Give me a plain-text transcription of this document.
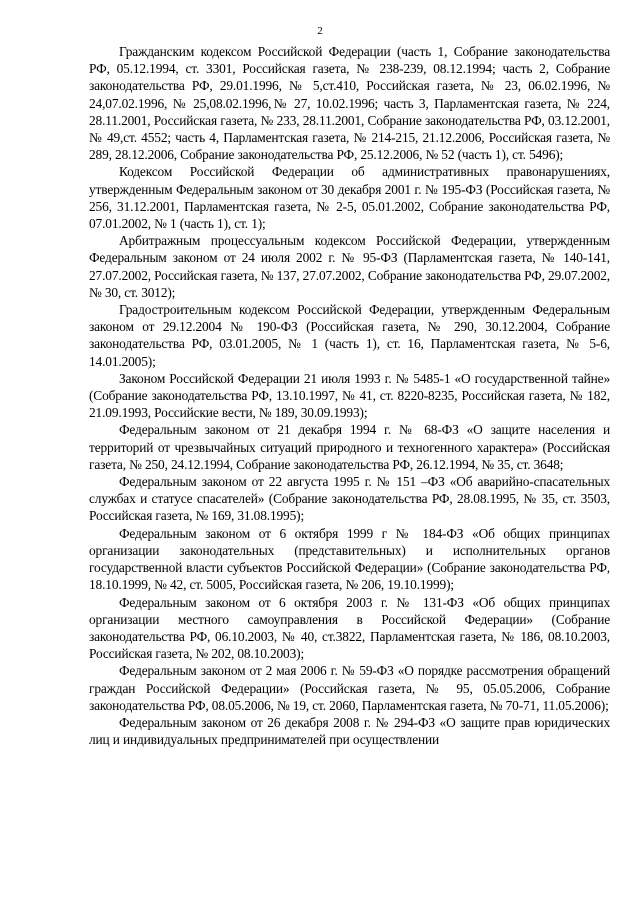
2

Гражданским кодексом Российской Федерации (часть 1, Собрание законодательства РФ, 05.12.1994, ст. 3301, Российская газета, № 238-239, 08.12.1994; часть 2, Собрание законодательства РФ, 29.01.1996, № 5,ст.410, Российская газета, № 23, 06.02.1996, № 24,07.02.1996, № 25,08.02.1996,№ 27, 10.02.1996; часть 3, Парламентская газета, № 224, 28.11.2001, Российская газета, № 233, 28.11.2001, Собрание законодательства РФ, 03.12.2001, № 49,ст. 4552; часть 4, Парламентская газета, № 214-215, 21.12.2006, Российская газета, № 289, 28.12.2006, Собрание законодательства РФ, 25.12.2006, № 52 (часть 1), ст. 5496);

Кодексом Российской Федерации об административных правонарушениях, утвержденным Федеральным законом от 30 декабря 2001 г. № 195-ФЗ (Российская газета, № 256, 31.12.2001, Парламентская газета, № 2-5, 05.01.2002, Собрание законодательства РФ, 07.01.2002, № 1 (часть 1), ст. 1);

Арбитражным процессуальным кодексом Российской Федерации, утвержденным Федеральным законом от 24 июля 2002 г. № 95-ФЗ (Парламентская газета, № 140-141, 27.07.2002, Российская газета, № 137, 27.07.2002, Собрание законодательства РФ, 29.07.2002, № 30, ст. 3012);

Градостроительным кодексом Российской Федерации, утвержденным Федеральным законом от 29.12.2004 № 190-ФЗ (Российская газета, № 290, 30.12.2004, Собрание законодательства РФ, 03.01.2005, № 1 (часть 1), ст. 16, Парламентская газета, № 5-6, 14.01.2005);

Законом Российской Федерации 21 июля 1993 г. № 5485-1 «О государственной тайне» (Собрание законодательства РФ, 13.10.1997, № 41, ст. 8220-8235, Российская газета, № 182, 21.09.1993, Российские вести, № 189, 30.09.1993);

Федеральным законом от 21 декабря 1994 г. № 68-ФЗ «О защите населения и территорий от чрезвычайных ситуаций природного и техногенного характера» (Российская газета, № 250, 24.12.1994, Собрание законодательства РФ, 26.12.1994, № 35, ст. 3648;

Федеральным законом от 22 августа 1995 г. № 151 –ФЗ «Об аварийно-спасательных службах и статусе спасателей» (Собрание законодательства РФ, 28.08.1995, № 35, ст. 3503, Российская газета, № 169, 31.08.1995);

Федеральным законом от 6 октября 1999 г № 184-ФЗ «Об общих принципах организации законодательных (представительных) и исполнительных органов государственной власти субъектов Российской Федерации» (Собрание законодательства РФ, 18.10.1999, № 42, ст. 5005, Российская газета, № 206, 19.10.1999);

Федеральным законом от 6 октября 2003 г. № 131-ФЗ «Об общих принципах организации местного самоуправления в Российской Федерации» (Собрание законодательства РФ, 06.10.2003, № 40, ст.3822, Парламентская газета, № 186, 08.10.2003, Российская газета, № 202, 08.10.2003);

Федеральным законом от 2 мая 2006 г. № 59-ФЗ «О порядке рассмотрения обращений граждан Российской Федерации» (Российская газета, № 95, 05.05.2006, Собрание законодательства РФ, 08.05.2006, № 19, ст. 2060, Парламентская газета, № 70-71, 11.05.2006);

Федеральным законом от 26 декабря 2008 г. № 294-ФЗ «О защите прав юридических лиц и индивидуальных предпринимателей при осуществлении
